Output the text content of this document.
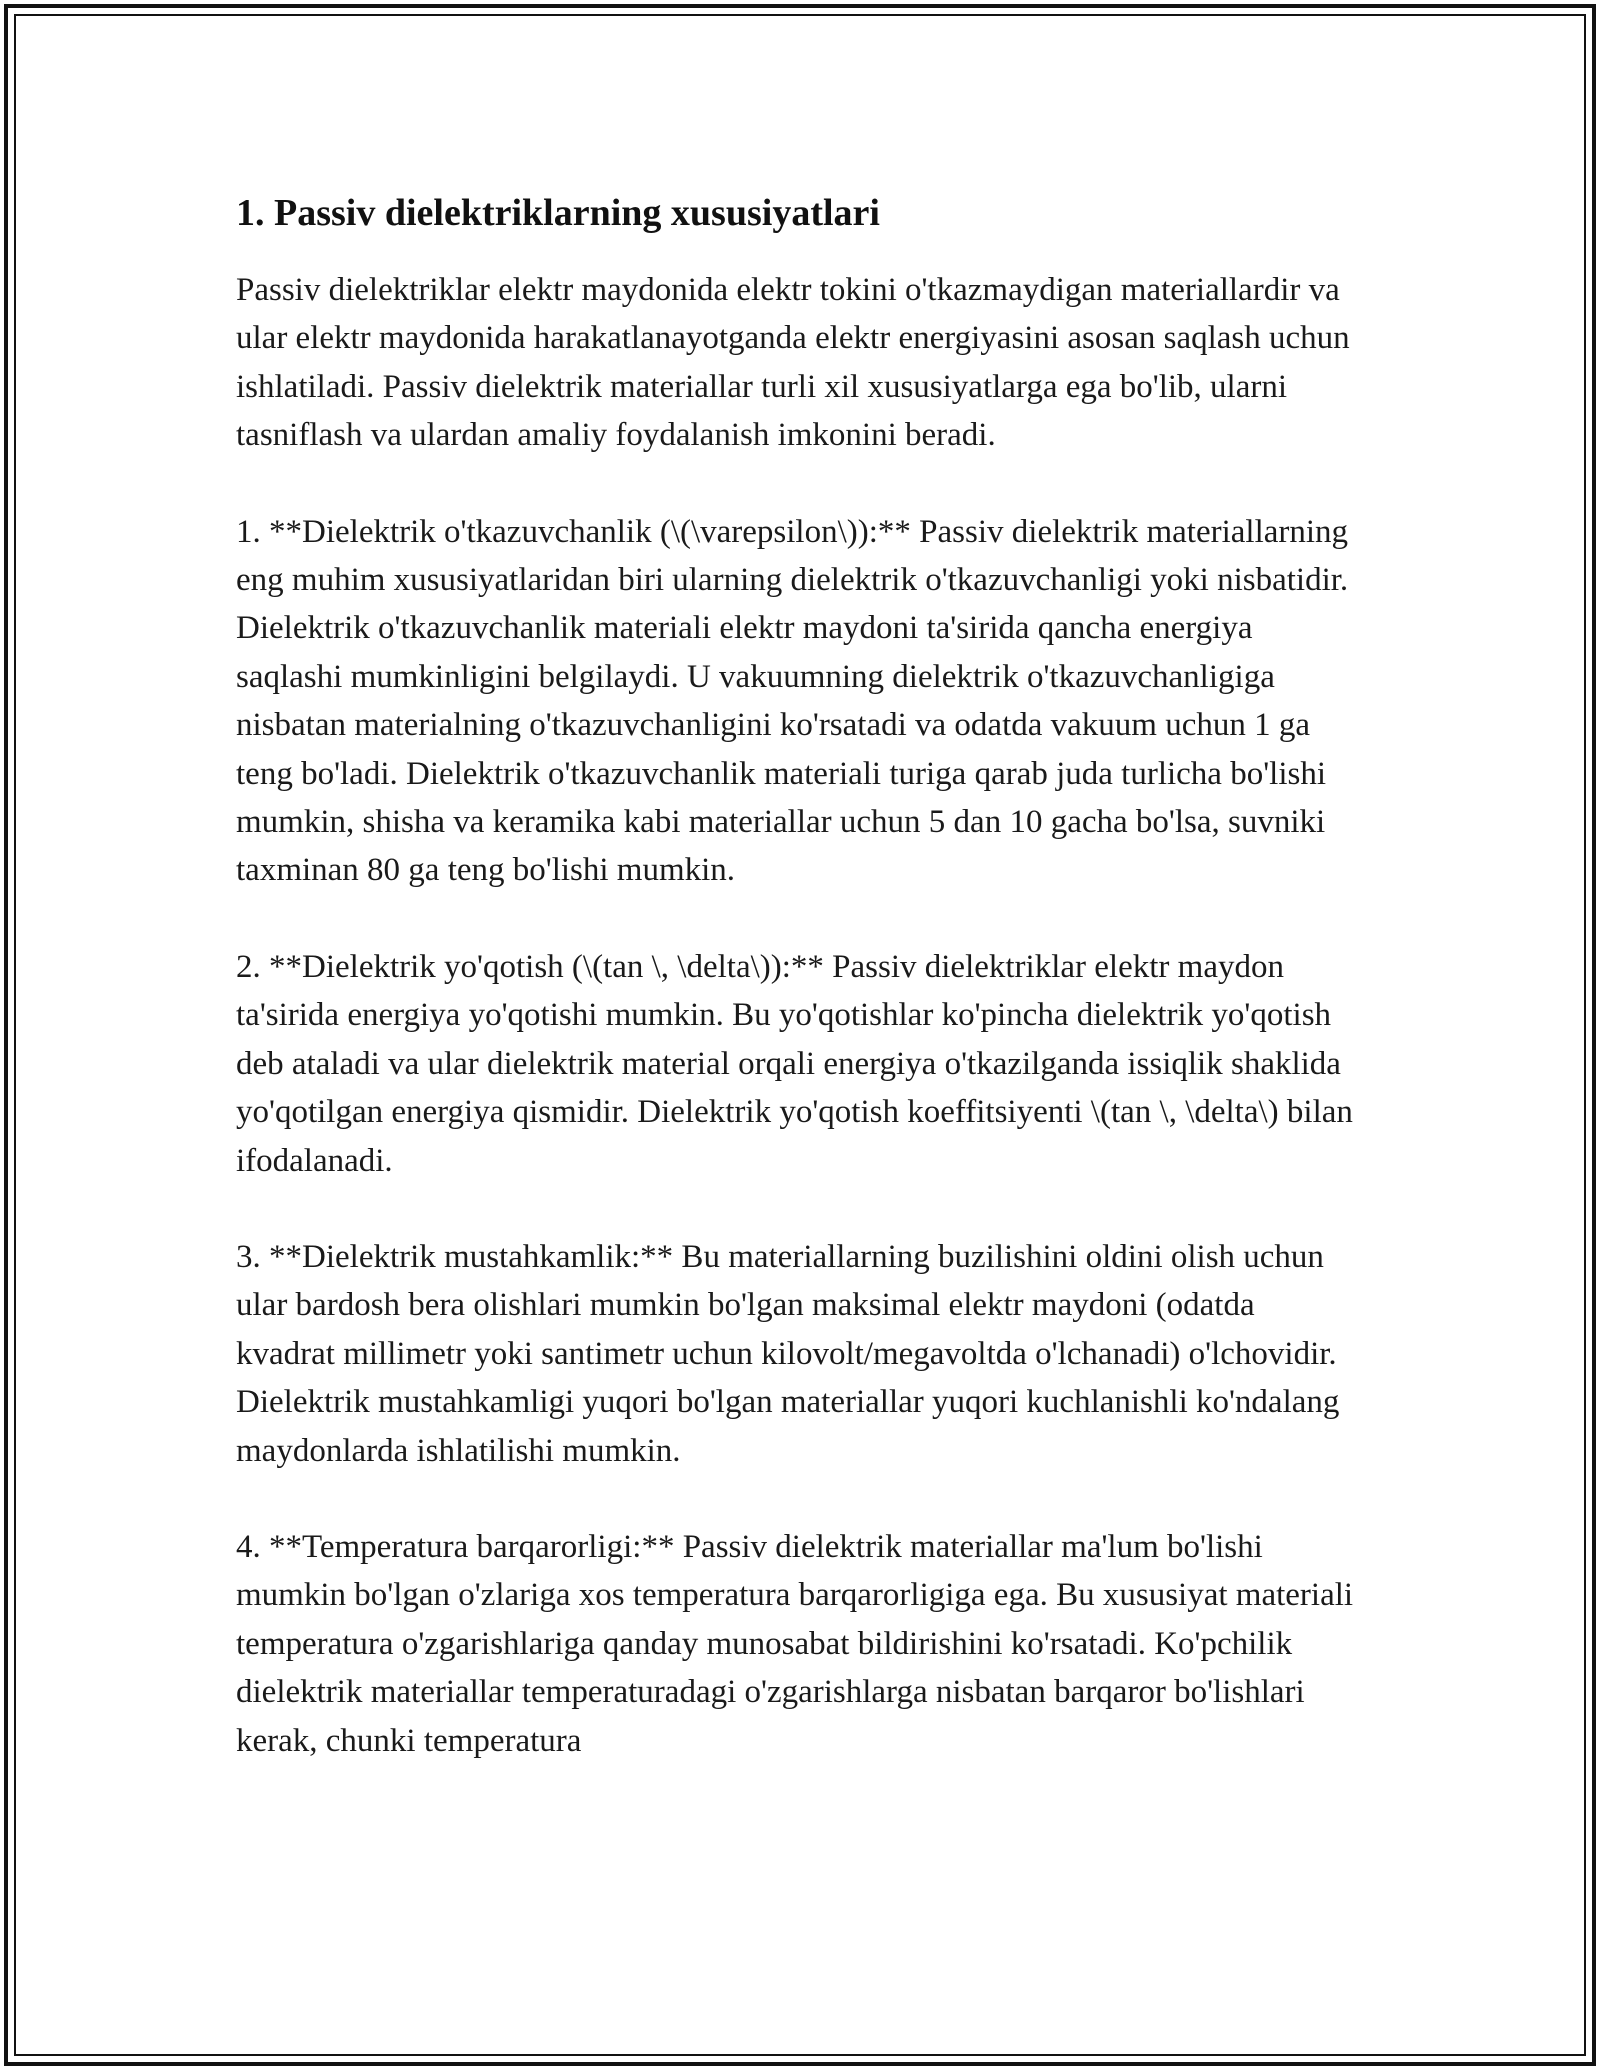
1. Passiv dielektriklarning xususiyatlari

Passiv dielektriklar elektr maydonida elektr tokini o'tkazmaydigan materiallardir va ular elektr maydonida harakatlanayotganda elektr energiyasini asosan saqlash uchun ishlatiladi. Passiv dielektrik materiallar turli xil xususiyatlarga ega bo'lib, ularni tasniflash va ulardan amaliy foydalanish imkonini beradi.

1. **Dielektrik o'tkazuvchanlik (\(\varepsilon\)):** Passiv dielektrik materiallarning eng muhim xususiyatlaridan biri ularning dielektrik o'tkazuvchanligi yoki nisbatidir. Dielektrik o'tkazuvchanlik materiali elektr maydoni ta'sirida qancha energiya saqlashi mumkinligini belgilaydi. U vakuumning dielektrik o'tkazuvchanligiga nisbatan materialning o'tkazuvchanligini ko'rsatadi va odatda vakuum uchun 1 ga teng bo'ladi. Dielektrik o'tkazuvchanlik materiali turiga qarab juda turlicha bo'lishi mumkin, shisha va keramika kabi materiallar uchun 5 dan 10 gacha bo'lsa, suvniki taxminan 80 ga teng bo'lishi mumkin.

2. **Dielektrik yo'qotish (\(tan \, \delta\)):** Passiv dielektriklar elektr maydon ta'sirida energiya yo'qotishi mumkin. Bu yo'qotishlar ko'pincha dielektrik yo'qotish deb ataladi va ular dielektrik material orqali energiya o'tkazilganda issiqlik shaklida yo'qotilgan energiya qismidir. Dielektrik yo'qotish koeffitsiyenti \(tan \, \delta\) bilan ifodalanadi.

3. **Dielektrik mustahkamlik:** Bu materiallarning buzilishini oldini olish uchun ular bardosh bera olishlari mumkin bo'lgan maksimal elektr maydoni (odatda kvadrat millimetr yoki santimetr uchun kilovolt/megavoltda o'lchanadi) o'lchovidir. Dielektrik mustahkamligi yuqori bo'lgan materiallar yuqori kuchlanishli ko'ndalang maydonlarda ishlatilishi mumkin.

4. **Temperatura barqarorligi:** Passiv dielektrik materiallar ma'lum bo'lishi mumkin bo'lgan o'zlariga xos temperatura barqarorligiga ega. Bu xususiyat materiali temperatura o'zgarishlariga qanday munosabat bildirishini ko'rsatadi. Ko'pchilik dielektrik materiallar temperaturadagi o'zgarishlarga nisbatan barqaror bo'lishlari kerak, chunki temperatura
